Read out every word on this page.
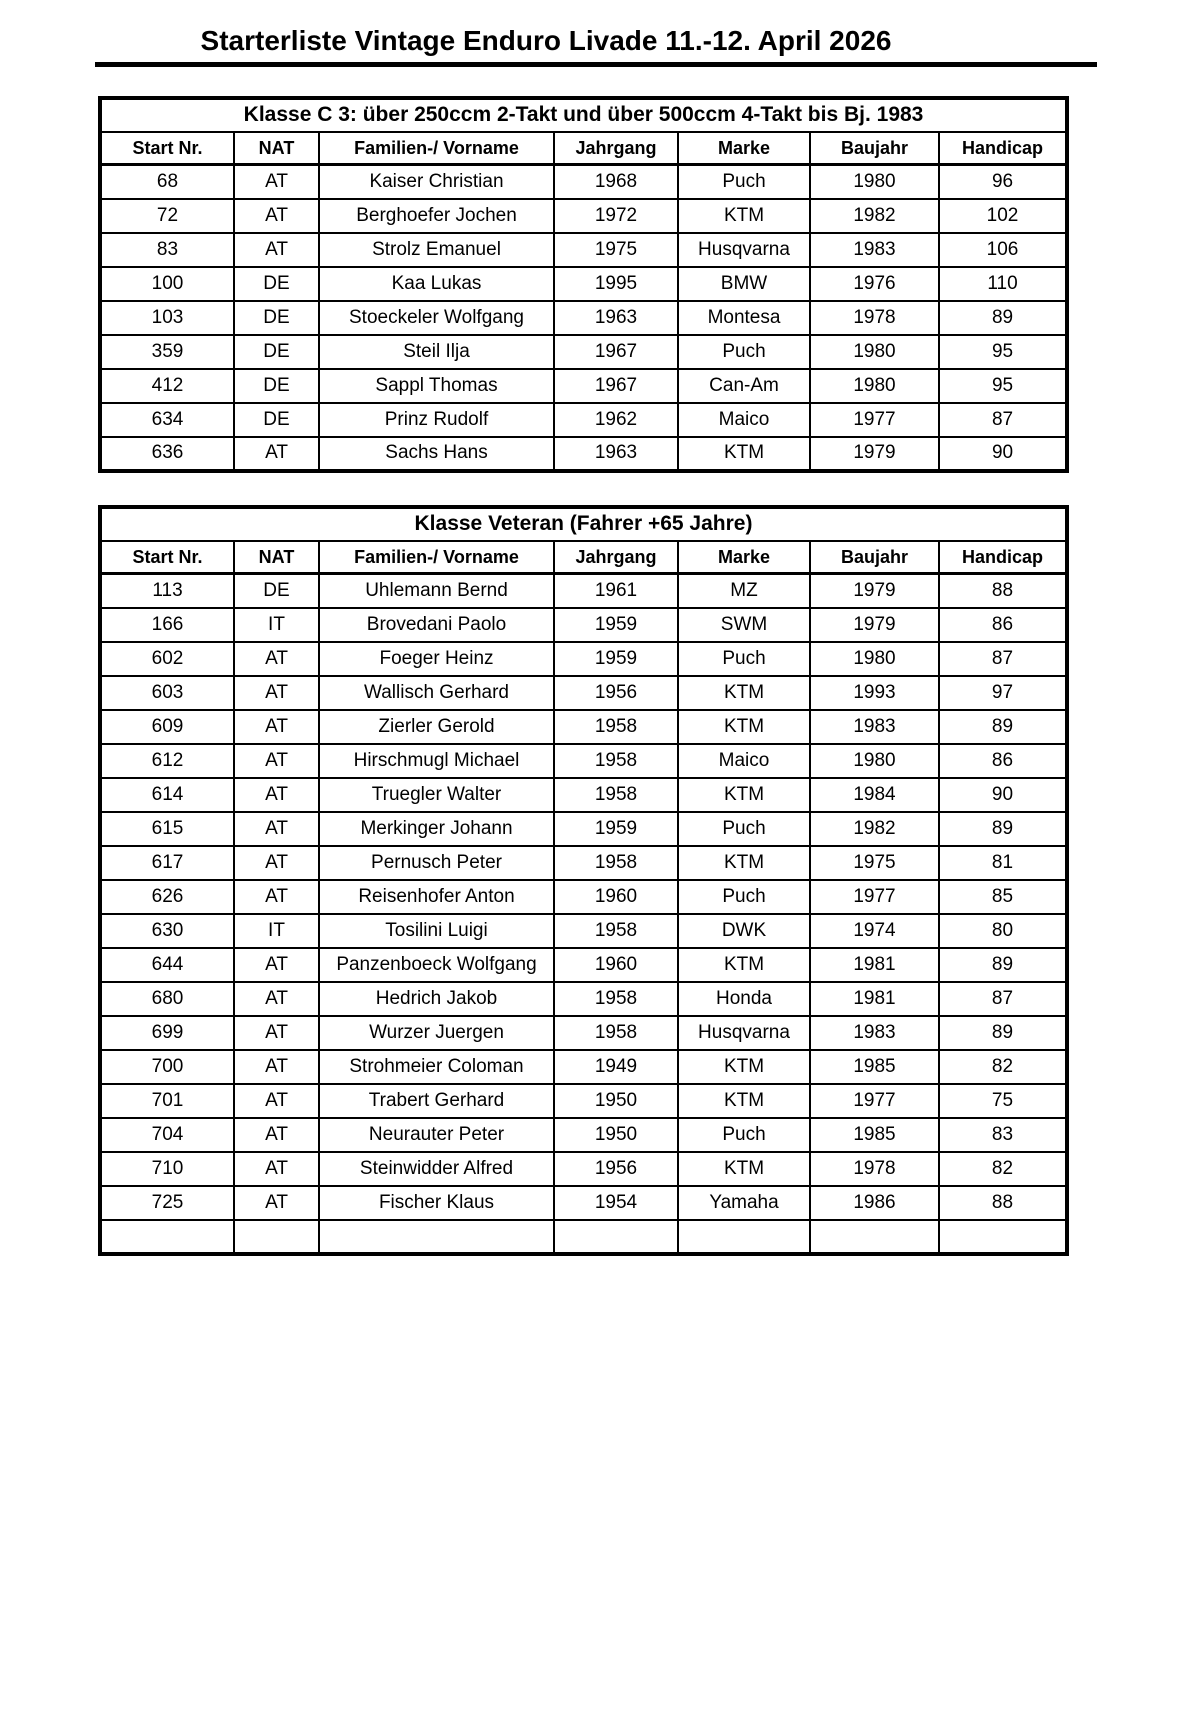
Starterliste Vintage Enduro Livade 11.-12. April 2026
Klasse C 3: über 250ccm 2-Takt und über 500ccm 4-Takt bis Bj. 1983						
Start Nr.	NAT	Familien-/ Vorname	Jahrgang	Marke	Baujahr	Handicap
68	AT	Kaiser Christian	1968	Puch	1980	96
72	AT	Berghoefer Jochen	1972	KTM	1982	102
83	AT	Strolz Emanuel	1975	Husqvarna	1983	106
100	DE	Kaa Lukas	1995	BMW	1976	110
103	DE	Stoeckeler Wolfgang	1963	Montesa	1978	89
359	DE	Steil Ilja	1967	Puch	1980	95
412	DE	Sappl Thomas	1967	Can-Am	1980	95
634	DE	Prinz Rudolf	1962	Maico	1977	87
636	AT	Sachs Hans	1963	KTM	1979	90
Klasse Veteran (Fahrer +65 Jahre)						
Start Nr.	NAT	Familien-/ Vorname	Jahrgang	Marke	Baujahr	Handicap
113	DE	Uhlemann Bernd	1961	MZ	1979	88
166	IT	Brovedani Paolo	1959	SWM	1979	86
602	AT	Foeger Heinz	1959	Puch	1980	87
603	AT	Wallisch Gerhard	1956	KTM	1993	97
609	AT	Zierler Gerold	1958	KTM	1983	89
612	AT	Hirschmugl Michael	1958	Maico	1980	86
614	AT	Truegler Walter	1958	KTM	1984	90
615	AT	Merkinger Johann	1959	Puch	1982	89
617	AT	Pernusch Peter	1958	KTM	1975	81
626	AT	Reisenhofer Anton	1960	Puch	1977	85
630	IT	Tosilini Luigi	1958	DWK	1974	80
644	AT	Panzenboeck Wolfgang	1960	KTM	1981	89
680	AT	Hedrich Jakob	1958	Honda	1981	87
699	AT	Wurzer Juergen	1958	Husqvarna	1983	89
700	AT	Strohmeier Coloman	1949	KTM	1985	82
701	AT	Trabert Gerhard	1950	KTM	1977	75
704	AT	Neurauter Peter	1950	Puch	1985	83
710	AT	Steinwidder Alfred	1956	KTM	1978	82
725	AT	Fischer Klaus	1954	Yamaha	1986	88
